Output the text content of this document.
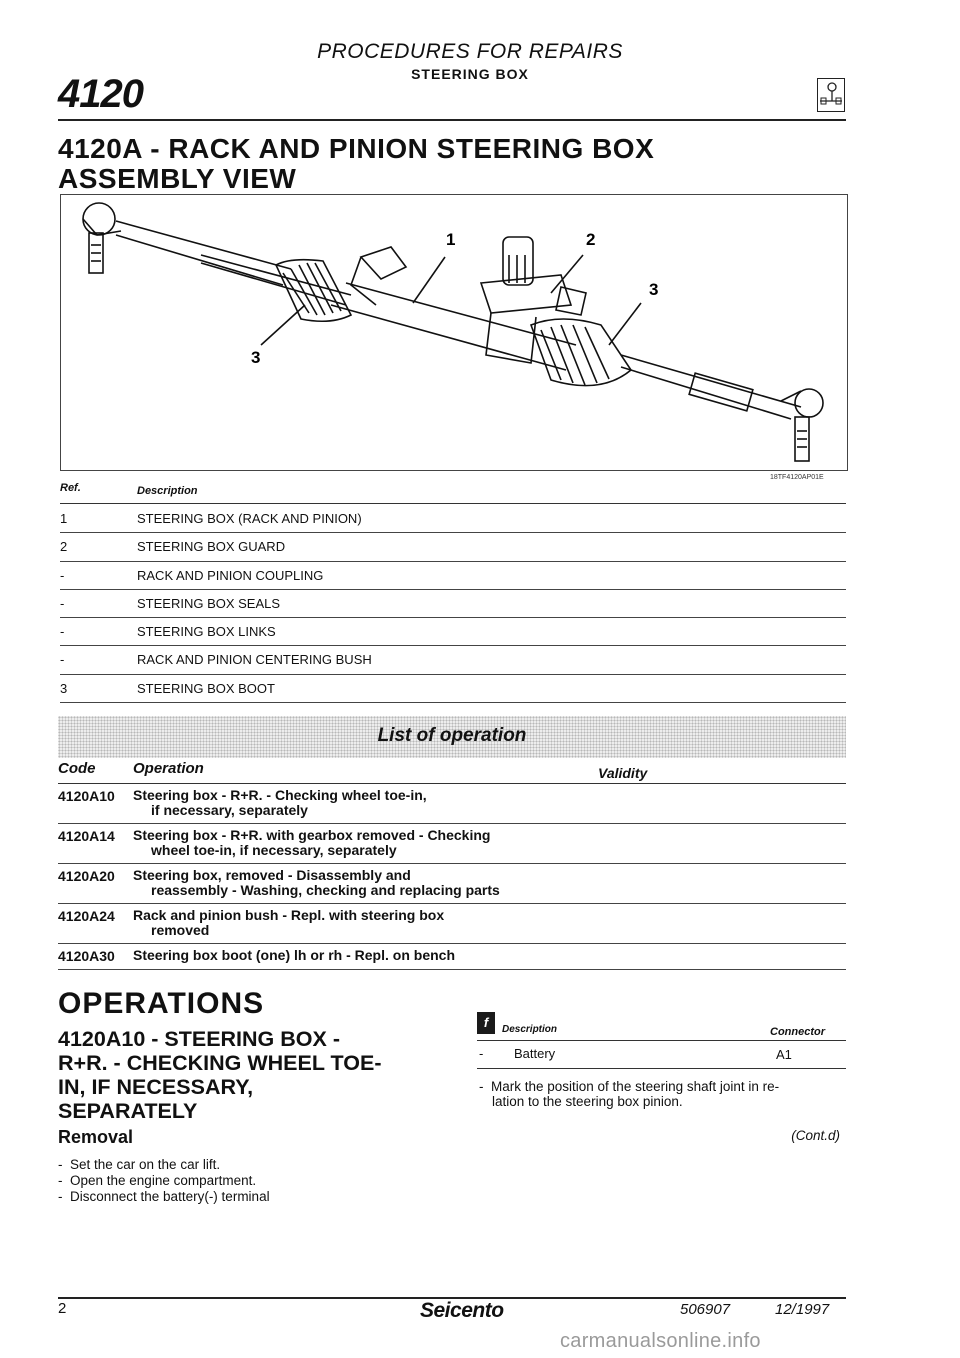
PROCEDURES FOR REPAIRS
STEERING BOX
4120
4120A - RACK AND PINION STEERING BOX
ASSEMBLY VIEW
1	2
3
3
18TF4120AP01E
Ref.	Description
1	STEERING BOX (RACK AND PINION)
2	STEERING BOX GUARD
-	RACK AND PINION COUPLING
-	STEERING BOX SEALS
-	STEERING BOX LINKS
-	RACK AND PINION CENTERING BUSH
3	STEERING BOX BOOT
List of operation
Code	Operation	Validity
4120A10 Steering box - R+R. - Checking wheel toe-in,
if necessary, separately
4120A14 Steering box - R+R. with gearbox removed - Checking
wheel toe-in, if necessary, separately
4120A20 Steering box, removed - Disassembly and
reassembly - Washing, checking and replacing parts
4120A24 Rack and pinion bush - Repl. with steering box
removed
4120A30 Steering box boot (one) lh or rh - Repl. on bench
OPERATIONS
4120A10 - STEERING BOX -
R+R. - CHECKING WHEEL TOE-
IN, IF NECESSARY,
SEPARATELY
Removal
-  Set the car on the car lift.
-  Open the engine compartment.
-  Disconnect the battery(-) terminal
f	Description	Connector
- Battery	A1
-  Mark the position of the steering shaft joint in re-
lation to the steering box pinion.
(Cont.d)
2	Seicento	506907	12/1997
carmanualsonline.info
